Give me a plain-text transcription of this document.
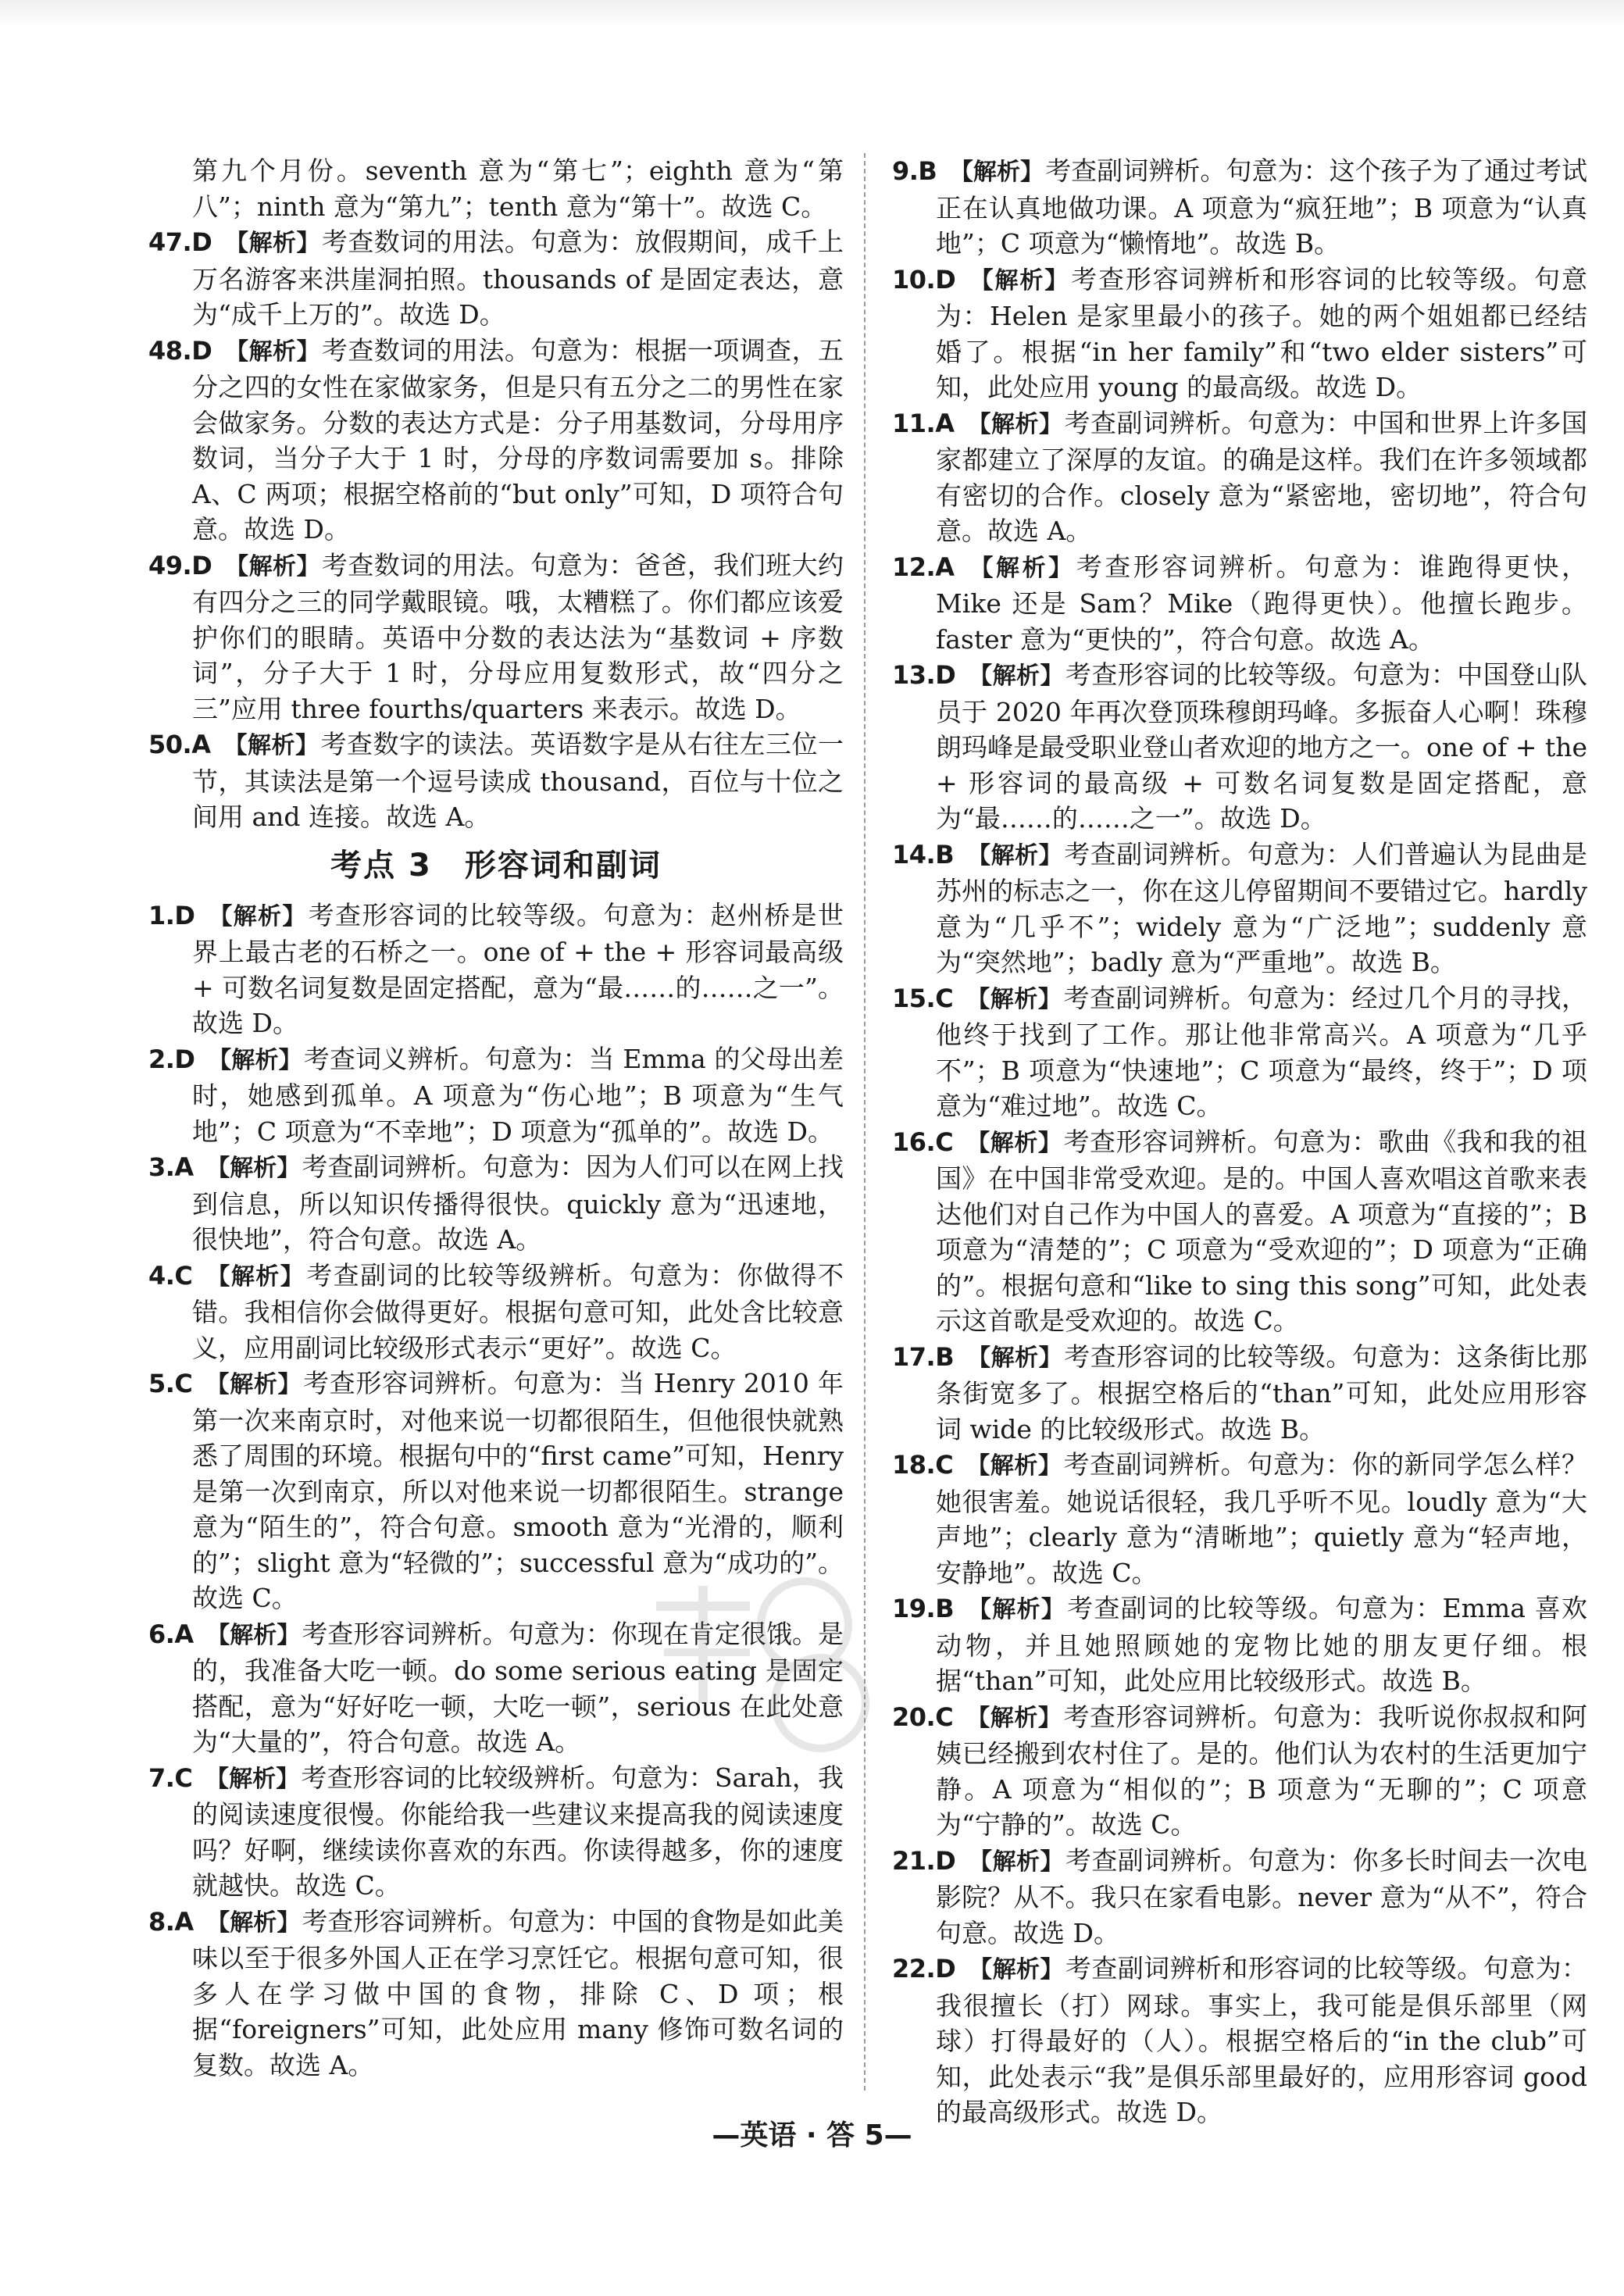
第九个月份。seventh 意为“第七”；eighth 意为“第八”；ninth 意为“第九”；tenth 意为“第十”。故选 C。

47.D 【解析】考查数词的用法。句意为：放假期间，成千上万名游客来洪崖洞拍照。thousands of 是固定表达，意为“成千上万的”。故选 D。

48.D 【解析】考查数词的用法。句意为：根据一项调查，五分之四的女性在家做家务，但是只有五分之二的男性在家会做家务。分数的表达方式是：分子用基数词，分母用序数词，当分子大于 1 时，分母的序数词需要加 s。排除 A、C 两项；根据空格前的“but only”可知，D 项符合句意。故选 D。

49.D 【解析】考查数词的用法。句意为：爸爸，我们班大约有四分之三的同学戴眼镜。哦，太糟糕了。你们都应该爱护你们的眼睛。英语中分数的表达法为“基数词 + 序数词”，分子大于 1 时，分母应用复数形式，故“四分之三”应用 three fourths/quarters 来表示。故选 D。

50.A 【解析】考查数字的读法。英语数字是从右往左三位一节，其读法是第一个逗号读成 thousand，百位与十位之间用 and 连接。故选 A。

考点 3　形容词和副词

1.D 【解析】考查形容词的比较等级。句意为：赵州桥是世界上最古老的石桥之一。one of + the + 形容词最高级 + 可数名词复数是固定搭配，意为“最……的……之一”。故选 D。

2.D 【解析】考查词义辨析。句意为：当 Emma 的父母出差时，她感到孤单。A 项意为“伤心地”；B 项意为“生气地”；C 项意为“不幸地”；D 项意为“孤单的”。故选 D。

3.A 【解析】考查副词辨析。句意为：因为人们可以在网上找到信息，所以知识传播得很快。quickly 意为“迅速地，很快地”，符合句意。故选 A。

4.C 【解析】考查副词的比较等级辨析。句意为：你做得不错。我相信你会做得更好。根据句意可知，此处含比较意义，应用副词比较级形式表示“更好”。故选 C。

5.C 【解析】考查形容词辨析。句意为：当 Henry 2010 年第一次来南京时，对他来说一切都很陌生，但他很快就熟悉了周围的环境。根据句中的“first came”可知，Henry 是第一次到南京，所以对他来说一切都很陌生。strange 意为“陌生的”，符合句意。smooth 意为“光滑的，顺利的”；slight 意为“轻微的”；successful 意为“成功的”。故选 C。

6.A 【解析】考查形容词辨析。句意为：你现在肯定很饿。是的，我准备大吃一顿。do some serious eating 是固定搭配，意为“好好吃一顿，大吃一顿”，serious 在此处意为“大量的”，符合句意。故选 A。

7.C 【解析】考查形容词的比较级辨析。句意为：Sarah，我的阅读速度很慢。你能给我一些建议来提高我的阅读速度吗？好啊，继续读你喜欢的东西。你读得越多，你的速度就越快。故选 C。

8.A 【解析】考查形容词辨析。句意为：中国的食物是如此美味以至于很多外国人正在学习烹饪它。根据句意可知，很多人在学习做中国的食物，排除 C、D 项；根据“foreigners”可知，此处应用 many 修饰可数名词的复数。故选 A。

9.B 【解析】考查副词辨析。句意为：这个孩子为了通过考试正在认真地做功课。A 项意为“疯狂地”；B 项意为“认真地”；C 项意为“懒惰地”。故选 B。

10.D 【解析】考查形容词辨析和形容词的比较等级。句意为：Helen 是家里最小的孩子。她的两个姐姐都已经结婚了。根据“in her family”和“two elder sisters”可知，此处应用 young 的最高级。故选 D。

11.A 【解析】考查副词辨析。句意为：中国和世界上许多国家都建立了深厚的友谊。的确是这样。我们在许多领域都有密切的合作。closely 意为“紧密地，密切地”，符合句意。故选 A。

12.A 【解析】考查形容词辨析。句意为：谁跑得更快，Mike 还是 Sam？Mike（跑得更快）。他擅长跑步。faster 意为“更快的”，符合句意。故选 A。

13.D 【解析】考查形容词的比较等级。句意为：中国登山队员于 2020 年再次登顶珠穆朗玛峰。多振奋人心啊！珠穆朗玛峰是最受职业登山者欢迎的地方之一。one of + the + 形容词的最高级 + 可数名词复数是固定搭配，意为“最……的……之一”。故选 D。

14.B 【解析】考查副词辨析。句意为：人们普遍认为昆曲是苏州的标志之一，你在这儿停留期间不要错过它。hardly 意为“几乎不”；widely 意为“广泛地”；suddenly 意为“突然地”；badly 意为“严重地”。故选 B。

15.C 【解析】考查副词辨析。句意为：经过几个月的寻找，他终于找到了工作。那让他非常高兴。A 项意为“几乎不”；B 项意为“快速地”；C 项意为“最终，终于”；D 项意为“难过地”。故选 C。

16.C 【解析】考查形容词辨析。句意为：歌曲《我和我的祖国》在中国非常受欢迎。是的。中国人喜欢唱这首歌来表达他们对自己作为中国人的喜爱。A 项意为“直接的”；B 项意为“清楚的”；C 项意为“受欢迎的”；D 项意为“正确的”。根据句意和“like to sing this song”可知，此处表示这首歌是受欢迎的。故选 C。

17.B 【解析】考查形容词的比较等级。句意为：这条街比那条街宽多了。根据空格后的“than”可知，此处应用形容词 wide 的比较级形式。故选 B。

18.C 【解析】考查副词辨析。句意为：你的新同学怎么样？她很害羞。她说话很轻，我几乎听不见。loudly 意为“大声地”；clearly 意为“清晰地”；quietly 意为“轻声地，安静地”。故选 C。

19.B 【解析】考查副词的比较等级。句意为：Emma 喜欢动物，并且她照顾她的宠物比她的朋友更仔细。根据“than”可知，此处应用比较级形式。故选 B。

20.C 【解析】考查形容词辨析。句意为：我听说你叔叔和阿姨已经搬到农村住了。是的。他们认为农村的生活更加宁静。A 项意为“相似的”；B 项意为“无聊的”；C 项意为“宁静的”。故选 C。

21.D 【解析】考查副词辨析。句意为：你多长时间去一次电影院？从不。我只在家看电影。never 意为“从不”，符合句意。故选 D。

22.D 【解析】考查副词辨析和形容词的比较等级。句意为：我很擅长（打）网球。事实上，我可能是俱乐部里（网球）打得最好的（人）。根据空格后的“in the club”可知，此处表示“我”是俱乐部里最好的，应用形容词 good 的最高级形式。故选 D。

—英语 · 答 5—
